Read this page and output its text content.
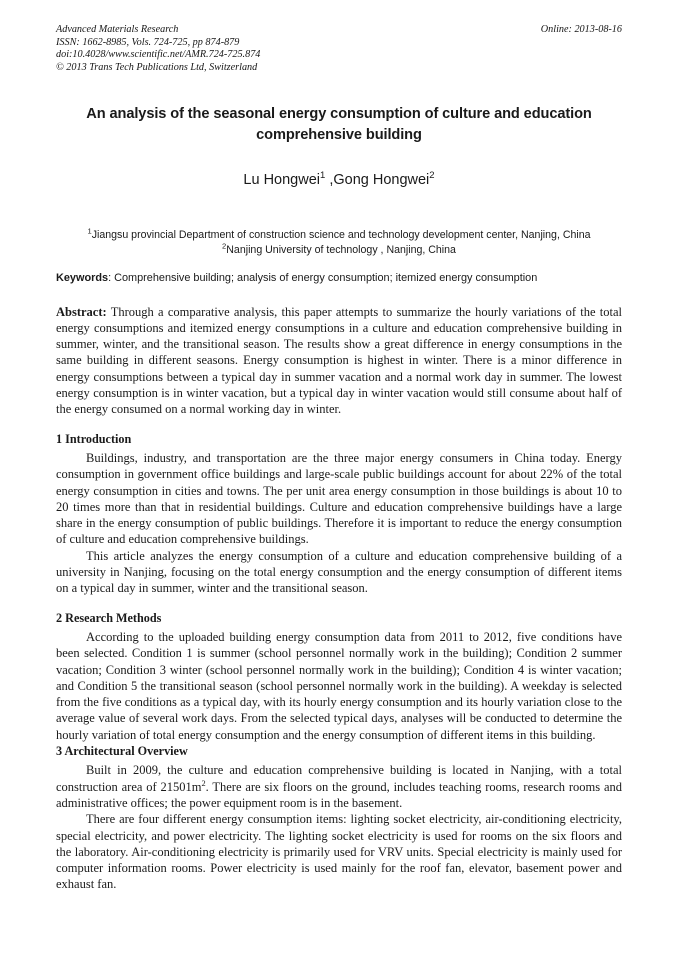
Advanced Materials Research
ISSN: 1662-8985, Vols. 724-725, pp 874-879
doi:10.4028/www.scientific.net/AMR.724-725.874
© 2013 Trans Tech Publications Ltd, Switzerland
Online: 2013-08-16
An analysis of the seasonal energy consumption of culture and education comprehensive building
Lu Hongwei$^1$ ,Gong Hongwei$^2$
$^1$Jiangsu provincial Department of construction science and technology development center, Nanjing, China
$^2$Nanjing University of technology , Nanjing, China
Keywords: Comprehensive building; analysis of energy consumption; itemized energy consumption
Abstract: Through a comparative analysis, this paper attempts to summarize the hourly variations of the total energy consumptions and itemized energy consumptions in a culture and education comprehensive building in summer, winter, and the transitional season. The results show a great difference in energy consumptions in the same building in different seasons. Energy consumption is highest in winter. There is a minor difference in energy consumptions between a typical day in summer vacation and a normal work day in summer. The lowest energy consumption is in winter vacation, but a typical day in winter vacation would still consume about half of the energy consumed on a normal working day in winter.
1 Introduction

Buildings, industry, and transportation are the three major energy consumers in China today. Energy consumption in government office buildings and large-scale public buildings account for about 22% of the total energy consumption in cities and towns. The per unit area energy consumption in those buildings is about 10 to 20 times more than that in residential buildings. Culture and education comprehensive buildings have a large share in the energy consumption of public buildings. Therefore it is important to reduce the energy consumption of culture and education comprehensive buildings.

This article analyzes the energy consumption of a culture and education comprehensive building of a university in Nanjing, focusing on the total energy consumption and the energy consumption of different items on a typical day in summer, winter and the transitional season.

2 Research Methods

According to the uploaded building energy consumption data from 2011 to 2012, five conditions have been selected. Condition 1 is summer (school personnel normally work in the building); Condition 2 summer vacation; Condition 3 winter (school personnel normally work in the building); Condition 4 is winter vacation; and Condition 5 the transitional season (school personnel normally work in the building). A weekday is selected from the five conditions as a typical day, with its hourly energy consumption and its hourly variation close to the average value of several work days. From the selected typical days, analyses will be conducted to determine the hourly variation of total energy consumption and the energy consumption of different items in this building.

3 Architectural Overview

Built in 2009, the culture and education comprehensive building is located in Nanjing, with a total construction area of $21501m^2$. There are six floors on the ground, includes teaching rooms, research rooms and administrative offices; the power equipment room is in the basement.

There are four different energy consumption items: lighting socket electricity, air-conditioning electricity, special electricity, and power electricity. The lighting socket electricity is used for rooms on the six floors and the laboratory. Air-conditioning electricity is primarily used for VRV units. Special electricity is mainly used for computer information rooms. Power electricity is used mainly for the roof fan, elevator, basement power and exhaust fan.
